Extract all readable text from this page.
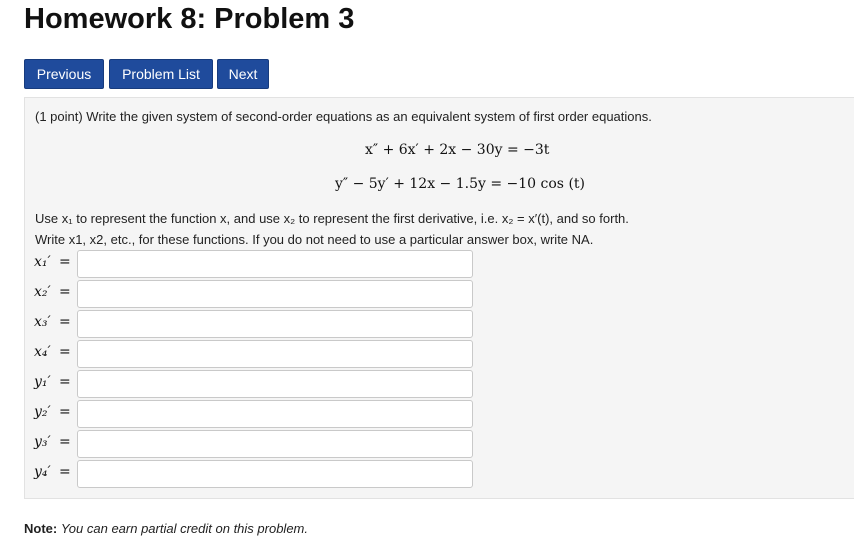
Homework 8: Problem 3
Previous	Problem List	Next
(1 point) Write the given system of second-order equations as an equivalent system of first order equations.
x″ + 6x′ + 2x − 30y = −3t
y″ − 5y′ + 12x − 1.5y = −10 cos (t)
Use x₁ to represent the function x, and use x₂ to represent the first derivative, i.e. x₂ = x′(t), and so forth.
Write x1, x2, etc., for these functions. If you do not need to use a particular answer box, write NA.
x₁′ =
x₂′ =
x₃′ =
x₄′ =
y₁′ =
y₂′ =
y₃′ =
y₄′ =
Note: You can earn partial credit on this problem.
